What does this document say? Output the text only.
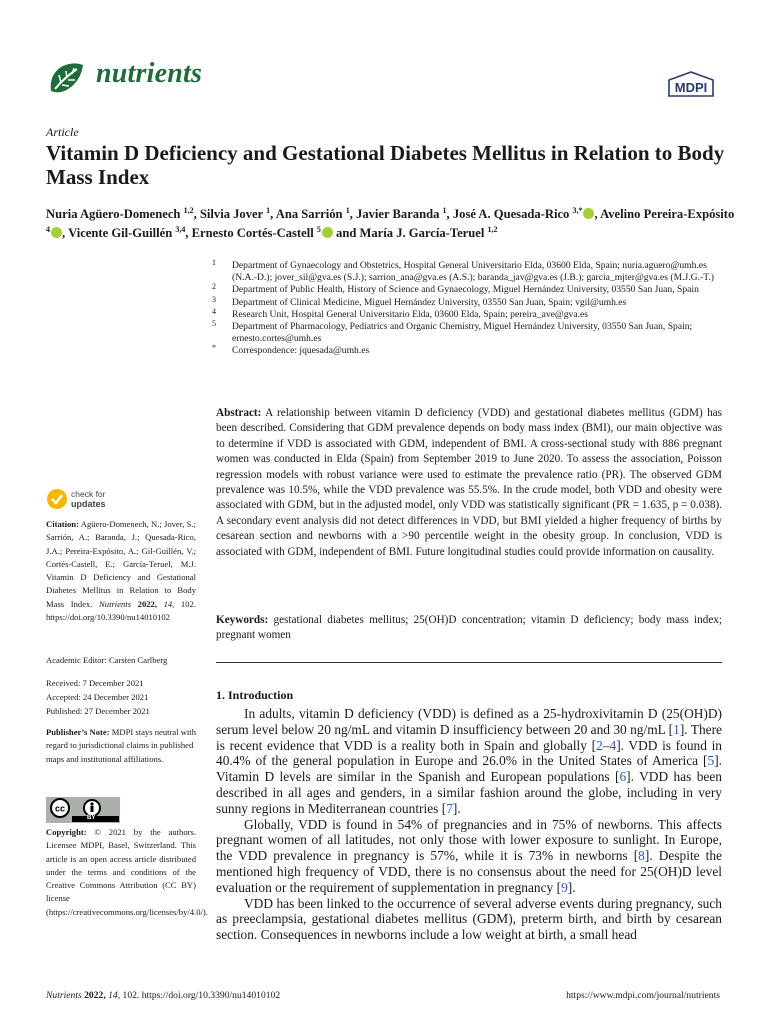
nutrients	MDPI
Article
Vitamin D Deficiency and Gestational Diabetes Mellitus in Relation to Body Mass Index
Nuria Agüero-Domenech $^{1,2}$, Silvia Jover $^1$, Ana Sarrión $^1$, Javier Baranda $^1$, José A. Quesada-Rico $^{3,*}$ , Avelino Pereira-Expósito $^4$ , Vicente Gil-Guillén $^{3,4}$, Ernesto Cortés-Castell $^5$ and María J. García-Teruel $^{1,2}$
1 Department of Gynaecology and Obstetrics, Hospital General Universitario Elda, 03600 Elda, Spain; nuria.aguero@umh.es (N.A.-D.); jover_sil@gva.es (S.J.); sarrion_ana@gva.es (A.S.); baranda_jav@gva.es (J.B.); garcia_mjter@gva.es (M.J.G.-T.)
2 Department of Public Health, History of Science and Gynaecology, Miguel Hernández University, 03550 San Juan, Spain
3 Department of Clinical Medicine, Miguel Hernández University, 03550 San Juan, Spain; vgil@umh.es
4 Research Unit, Hospital General Universitario Elda, 03600 Elda, Spain; pereira_ave@gva.es
5 Department of Pharmacology, Pediatrics and Organic Chemistry, Miguel Hernández University, 03550 San Juan, Spain; ernesto.cortes@umh.es
* Correspondence: jquesada@umh.es
check for
updates

Citation: Agüero-Domenech, N.; Jover, S.; Sarrión, A.; Baranda, J.; Quesada-Rico, J.A.; Pereira-Expósito, A.; Gil-Guillén, V.; Cortés-Castell, E.; García-Teruel, M.J. Vitamin D Deficiency and Gestational Diabetes Mellitus in Relation to Body Mass Index. Nutrients 2022, 14, 102. https://doi.org/10.3390/nu14010102

Academic Editor: Carsten Carlberg
Received: 7 December 2021
Accepted: 24 December 2021
Published: 27 December 2021
Publisher’s Note: MDPI stays neutral with regard to jurisdictional claims in published maps and institutional affiliations.
cc
BY
Copyright: © 2021 by the authors. Licensee MDPI, Basel, Switzerland. This article is an open access article distributed under the terms and conditions of the Creative Commons Attribution (CC BY) license (https://creativecommons.org/licenses/by/4.0/).
Abstract: A relationship between vitamin D deficiency (VDD) and gestational diabetes mellitus (GDM) has been described. Considering that GDM prevalence depends on body mass index (BMI), our main objective was to determine if VDD is associated with GDM, independent of BMI. A cross-sectional study with 886 pregnant women was conducted in Elda (Spain) from September 2019 to June 2020. To assess the association, Poisson regression models with robust variance were used to estimate the prevalence ratio (PR). The observed GDM prevalence was 10.5%, while the VDD prevalence was 55.5%. In the crude model, both VDD and obesity were associated with GDM, but in the adjusted model, only VDD was statistically significant (PR = 1.635, p = 0.038). A secondary event analysis did not detect differences in VDD, but BMI yielded a higher frequency of births by cesarean section and newborns with a >90 percentile weight in the obesity group. In conclusion, VDD is associated with GDM, independent of BMI. Future longitudinal studies could provide information on causality.
Keywords: gestational diabetes mellitus; 25(OH)D concentration; vitamin D deficiency; body mass index; pregnant women
1. Introduction

In adults, vitamin D deficiency (VDD) is defined as a 25-hydroxivitamin D (25(OH)D) serum level below 20 ng/mL and vitamin D insufficiency between 20 and 30 ng/mL [1]. There is recent evidence that VDD is a reality both in Spain and globally [2–4]. VDD is found in 40.4% of the general population in Europe and 26.0% in the United States of America [5]. Vitamin D levels are similar in the Spanish and European populations [6]. VDD has been described in all ages and genders, in a similar fashion around the globe, including in very sunny regions in Mediterranean countries [7].

Globally, VDD is found in 54% of pregnancies and in 75% of newborns. This affects pregnant women of all latitudes, not only those with lower exposure to sunlight. In Europe, the VDD prevalence in pregnancy is 57%, while it is 73% in newborns [8]. Despite the mentioned high frequency of VDD, there is no consensus about the need for 25(OH)D level evaluation or the requirement of supplementation in pregnancy [9].

VDD has been linked to the occurrence of several adverse events during pregnancy, such as preeclampsia, gestational diabetes mellitus (GDM), preterm birth, and birth by cesarean section. Consequences in newborns include a low weight at birth, a small head

Nutrients 2022, 14, 102. https://doi.org/10.3390/nu14010102	https://www.mdpi.com/journal/nutrients
